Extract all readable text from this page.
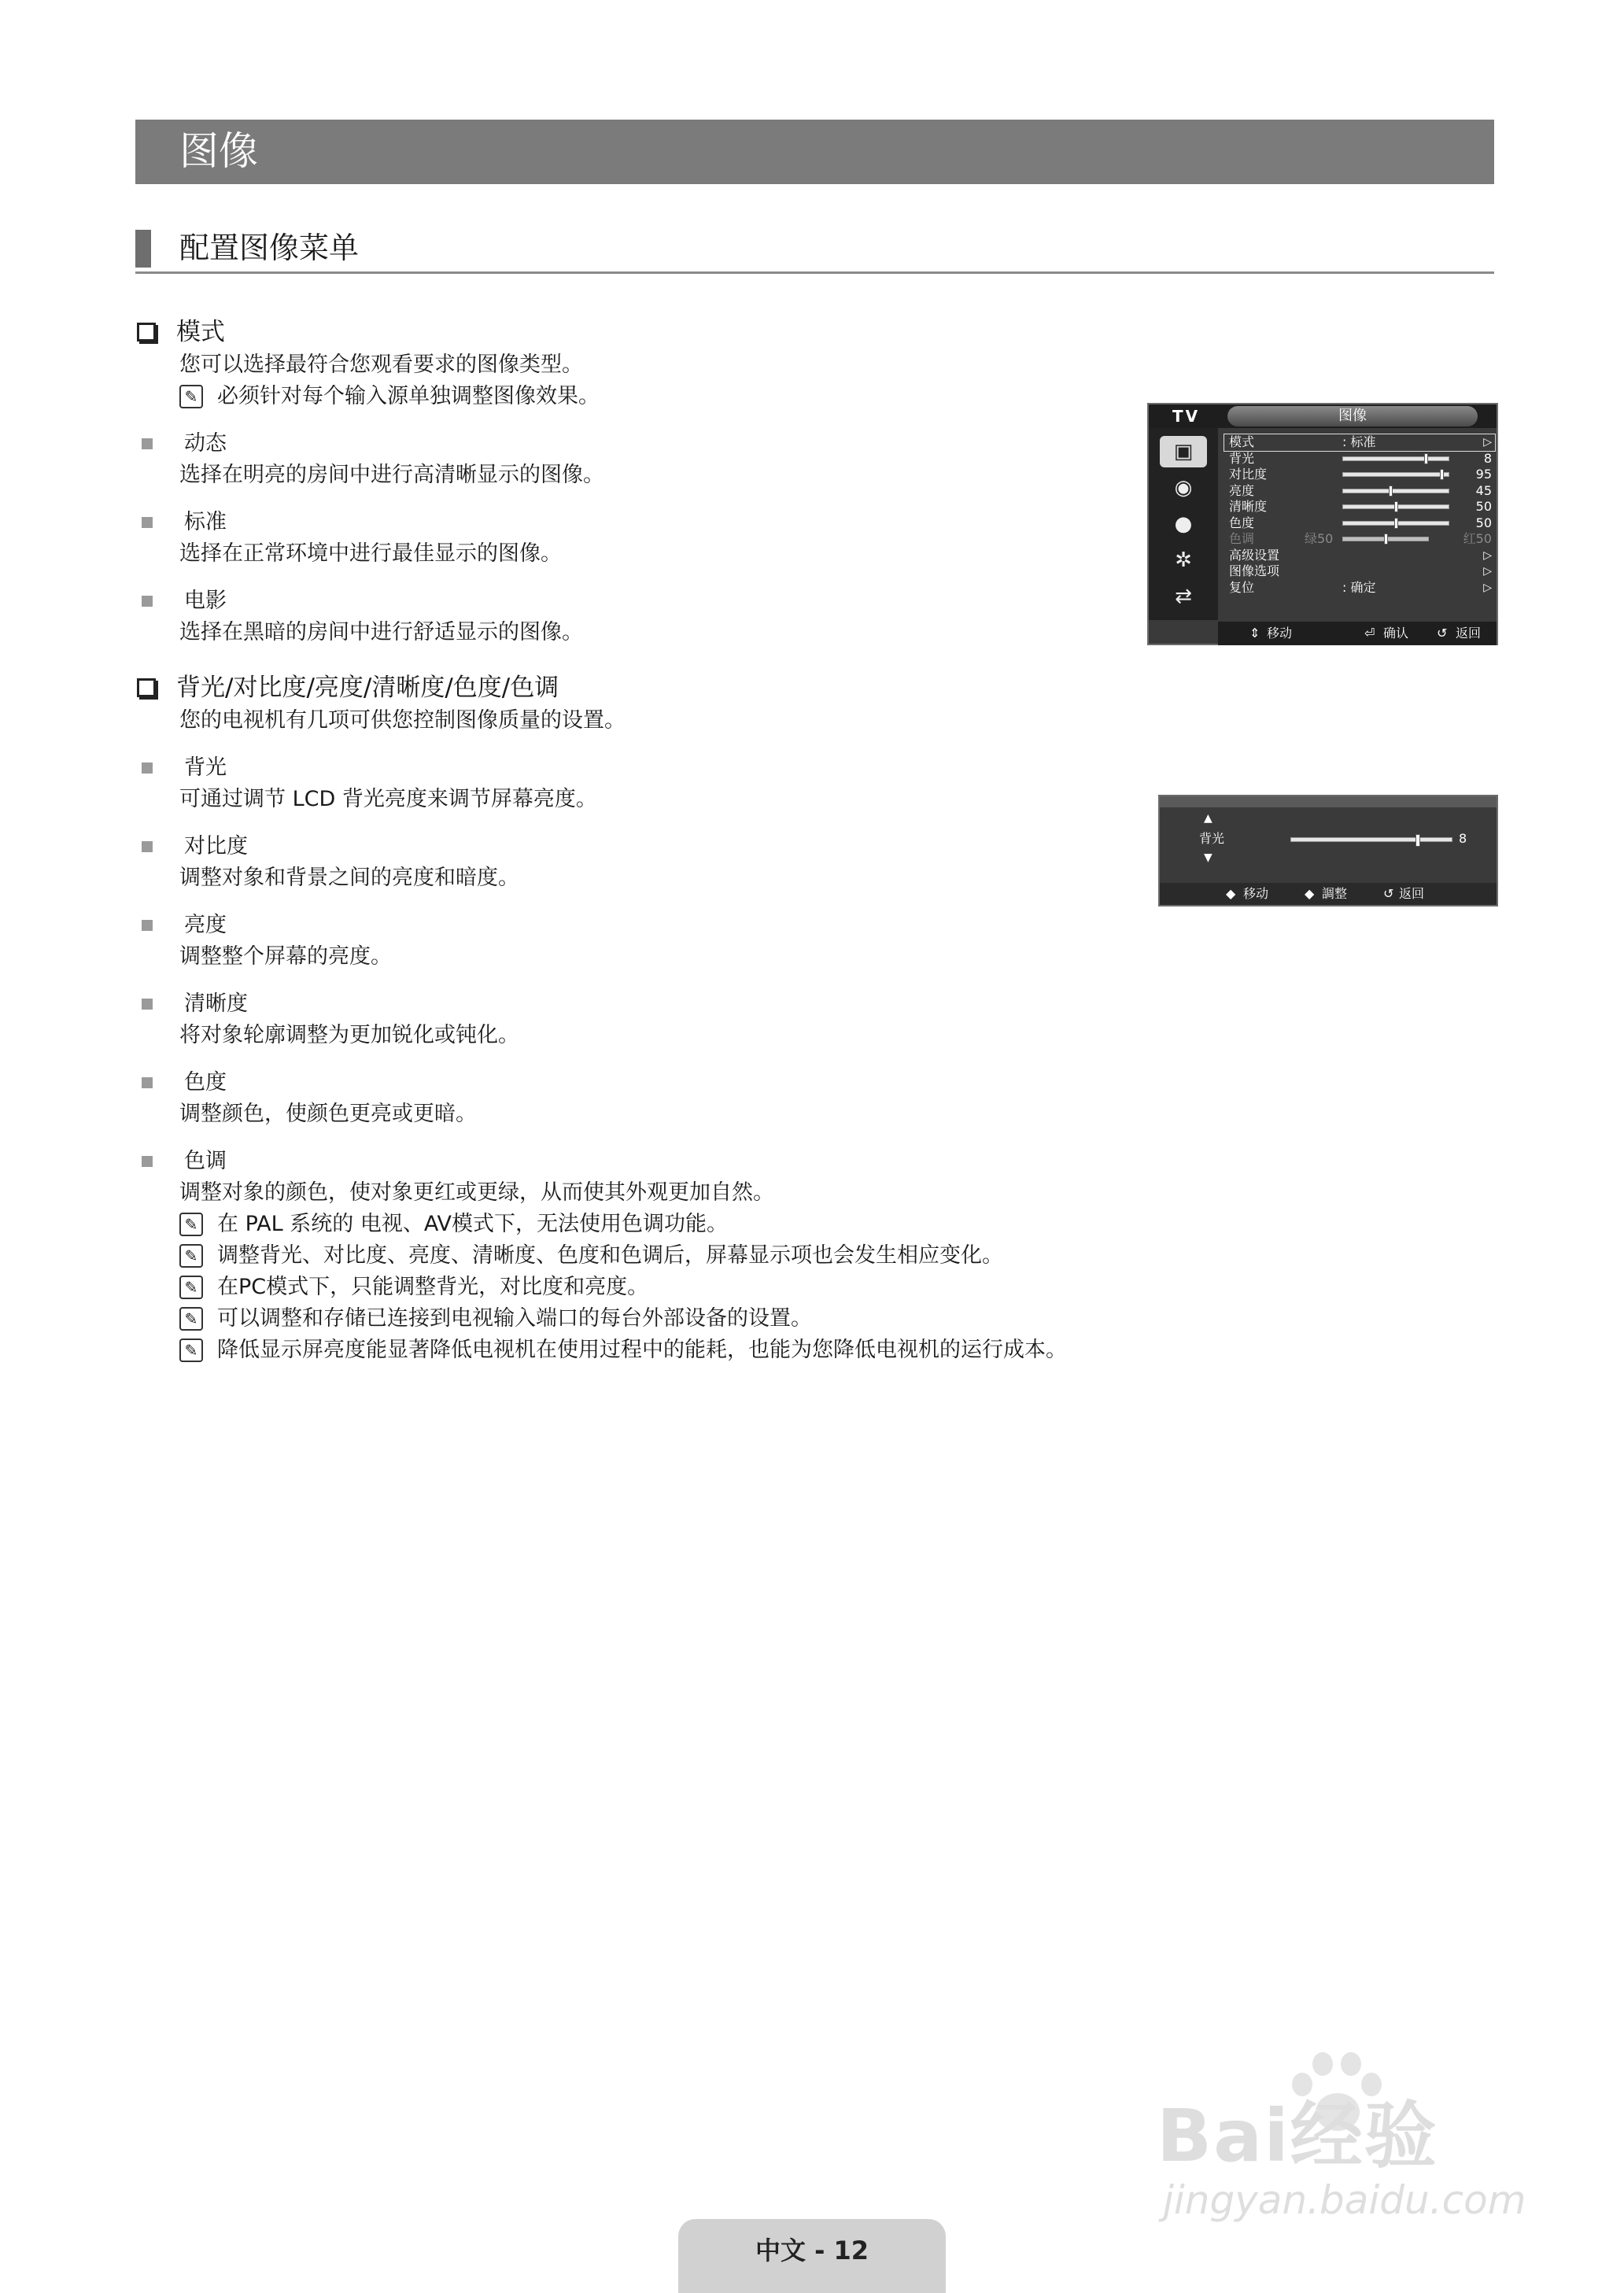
图像
配置图像菜单
模式
您可以选择最符合您观看要求的图像类型。
✎ 必须针对每个输入源单独调整图像效果。
动态
选择在明亮的房间中进行高清晰显示的图像。
标准
选择在正常环境中进行最佳显示的图像。
电影
选择在黑暗的房间中进行舒适显示的图像。
背光/对比度/亮度/清晰度/色度/色调
您的电视机有几项可供您控制图像质量的设置。
背光
可通过调节 LCD 背光亮度来调节屏幕亮度。
对比度
调整对象和背景之间的亮度和暗度。
亮度
调整整个屏幕的亮度。
清晰度
将对象轮廓调整为更加锐化或钝化。
色度
调整颜色，使颜色更亮或更暗。
色调
调整对象的颜色，使对象更红或更绿，从而使其外观更加自然。
✎ 在 PAL 系统的 电视、AV模式下，无法使用色调功能。
✎ 调整背光、对比度、亮度、清晰度、色度和色调后，屏幕显示项也会发生相应变化。
✎ 在PC模式下，只能调整背光，对比度和亮度。
✎ 可以调整和存储已连接到电视输入端口的每台外部设备的设置。
✎ 降低显示屏亮度能显著降低电视机在使用过程中的能耗，也能为您降低电视机的运行成本。
TV	图像
▣
◉
●
✲
⇄
模式	: 标准	▷
背光	8
对比度	95
亮度	45
清晰度	50
色度	50
色调	绿50	红50
高级设置	▷
图像选项	▷
复位	: 确定	▷
⇕ 移动	⏎ 确认 ↺ 返回
▲
背光
▼
8
◆ 移动	◆ 調整	↺ 返回
Bai经验
jingyan.baidu.com
中文 - 12
